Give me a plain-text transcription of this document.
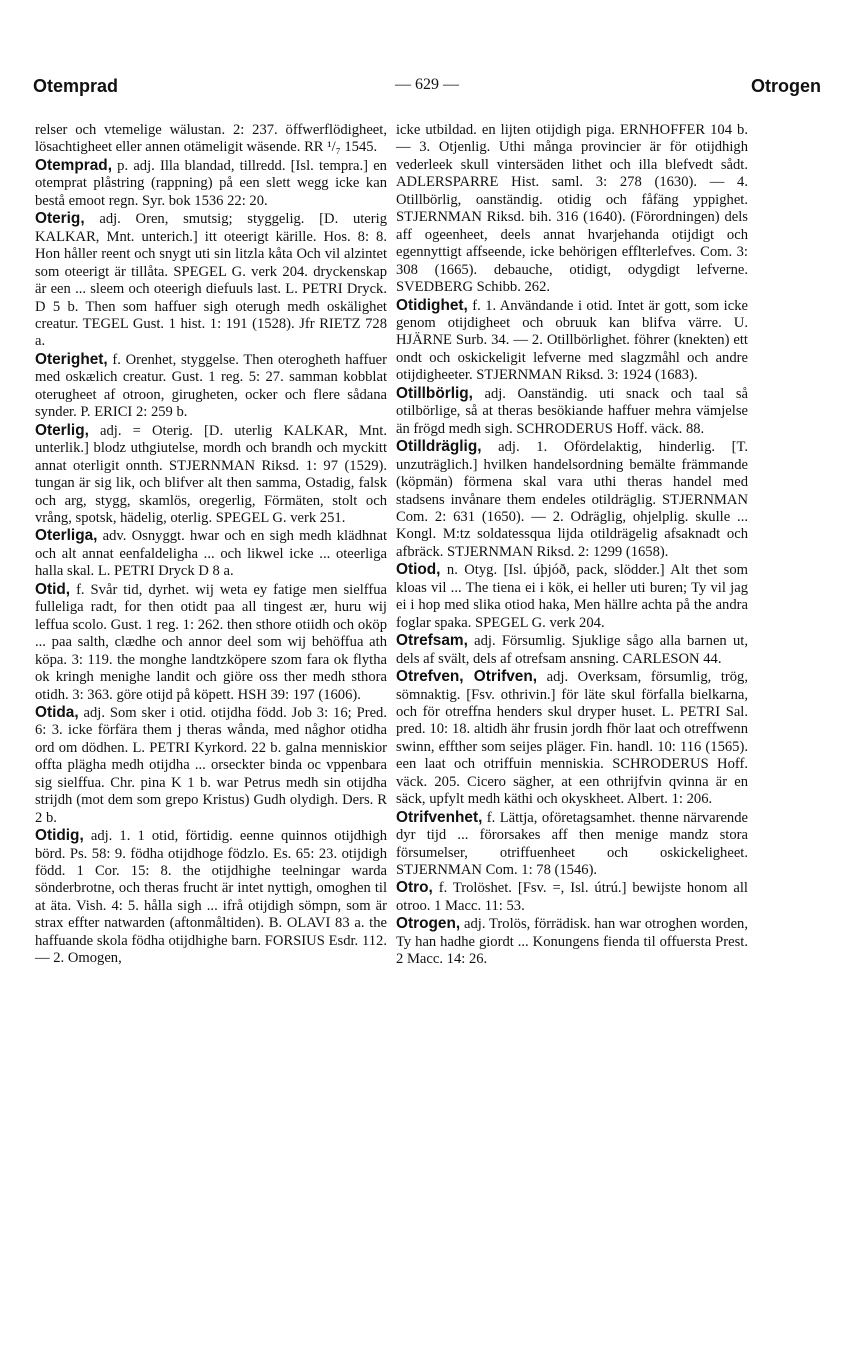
Otemprad	— 629 —	Otrogen

relser och vtemelige wälustan. 2: 237. öffwerflödigheet, lösachtigheet eller annen otämeligit wäsende. RR ¹/₇ 1545.

Otemprad, p. adj. Illa blandad, tillredd. [Isl. tempra.] en otemprat plåstring (rappning) på een slett wegg icke kan bestå emoot regn. Syr. bok 1536 22: 20.

Oterig, adj. Oren, smutsig; styggelig. [D. uterig KALKAR, Mnt. unterich.] itt oteerigt kärille. Hos. 8: 8. Hon håller reent och snygt uti sin litzla kåta Och vil alzintet som oteerigt är tillåta. SPEGEL G. verk 204. dryckenskap är een ... sleem och oteerigh diefuuls last. L. PETRI Dryck. D 5 b. Then som haffuer sigh oterugh medh oskälighet creatur. TEGEL Gust. 1 hist. 1: 191 (1528). Jfr RIETZ 728 a.

Oterighet, f. Orenhet, styggelse. Then oterogheth haffuer med oskælich creatur. Gust. 1 reg. 5: 27. samman kobblat oterugheet af otroon, girugheten, ocker och flere sådana synder. P. ERICI 2: 259 b.

Oterlig, adj. = Oterig. [D. uterlig KALKAR, Mnt. unterlik.] blodz uthgiutelse, mordh och brandh och myckitt annat oterligit onnth. STJERNMAN Riksd. 1: 97 (1529). tungan är sig lik, och blifver alt then samma, Ostadig, falsk och arg, stygg, skamlös, oregerlig, Förmäten, stolt och vrång, spotsk, hädelig, oterlig. SPEGEL G. verk 251.

Oterliga, adv. Osnyggt. hwar och en sigh medh klädhnat och alt annat eenfaldeligha ... och likwel icke ... oteerliga halla skal. L. PETRI Dryck D 8 a.

Otid, f. Svår tid, dyrhet. wij weta ey fatige men sielffua fulleliga radt, for then otidt paa all tingest ær, huru wij leffua scolo. Gust. 1 reg. 1: 262. then sthore otiidh och oköp ... paa salth, clædhe och annor deel som wij behöffua ath köpa. 3: 119. the monghe landtzköpere szom fara ok flytha ok kringh menighe landit och giöre oss ther medh sthora otidh. 3: 363. göre otijd på köpett. HSH 39: 197 (1606).

Otida, adj. Som sker i otid. otijdha född. Job 3: 16; Pred. 6: 3. icke förfära them j theras wånda, med någhor otidha ord om dödhen. L. PETRI Kyrkord. 22 b. galna menniskior offta plägha medh otijdha ... orseckter binda oc vppenbara sig sielffua. Chr. pina K 1 b. war Petrus medh sin otijdha strijdh (mot dem som grepo Kristus) Gudh olydigh. Ders. R 2 b.

Otidig, adj. 1. 1 otid, förtidig. eenne quinnos otijdhigh börd. Ps. 58: 9. födha otijdhoge födzlo. Es. 65: 23. otijdigh född. 1 Cor. 15: 8. the otijdhighe teelningar warda sönderbrotne, och theras frucht är intet nyttigh, omoghen til at äta. Vish. 4: 5. hålla sigh ... ifrå otijdigh sömpn, som är strax effter natwarden (aftonmåltiden). B. OLAVI 83 a. the haffuande skola födha otijdhighe barn. FORSIUS Esdr. 112. — 2. Omogen,

icke utbildad. en lijten otijdigh piga. ERNHOFFER 104 b. — 3. Otjenlig. Uthi många provincier är för otijdhigh vederleek skull vintersäden lithet och illa blefvedt sådt. ADLERSPARRE Hist. saml. 3: 278 (1630). — 4. Otillbörlig, oanständig. otidig och fåfäng yppighet. STJERNMAN Riksd. bih. 316 (1640). (Förordningen) dels aff ogeenheet, deels annat hvarjehanda otijdigt och egennyttigt affseende, icke behörigen efflterlefves. Com. 3: 308 (1665). debauche, otidigt, odygdigt lefverne. SVEDBERG Schibb. 262.

Otidighet, f. 1. Användande i otid. Intet är gott, som icke genom otijdigheet och obruuk kan blifva värre. U. HJÄRNE Surb. 34. — 2. Otillbörlighet. föhrer (knekten) ett ondt och oskickeligit lefverne med slagzmåhl och andre otijdigheeter. STJERNMAN Riksd. 3: 1924 (1683).

Otillbörlig, adj. Oanständig. uti snack och taal så otilbörlige, så at theras besökiande haffuer mehra vämjelse än frögd medh sigh. SCHRODERUS Hoff. väck. 88.

Otilldräglig, adj. 1. Ofördelaktig, hinderlig. [T. unzuträglich.] hvilken handelsordning bemälte främmande (köpmän) förmena skal vara uthi theras handel med stadsens invånare them endeles otildräglig. STJERNMAN Com. 2: 631 (1650). — 2. Odräglig, ohjelplig. skulle ... Kongl. M:tz soldatessqua lijda otildrägelig afsaknadt och afbräck. STJERNMAN Riksd. 2: 1299 (1658).

Otiod, n. Otyg. [Isl. úþjóð, pack, slödder.] Alt thet som kloas vil ... The tiena ei i kök, ei heller uti buren; Ty vil jag ei i hop med slika otiod haka, Men hällre achta på the andra foglar spaka. SPEGEL G. verk 204.

Otrefsam, adj. Försumlig. Sjuklige sågo alla barnen ut, dels af svält, dels af otrefsam ansning. CARLESON 44.

Otrefven, Otrifven, adj. Overksam, försumlig, trög, sömnaktig. [Fsv. othrivin.] för läte skul förfalla bielkarna, och för otreffna henders skul dryper huset. L. PETRI Sal. pred. 10: 18. altidh ähr frusin jordh fhör laat och otreffwenn swinn, effther som seijes pläger. Fin. handl. 10: 116 (1565). een laat och otriffuin menniskia. SCHRODERUS Hoff. väck. 205. Cicero sägher, at een othrijfvin qvinna är en säck, upfylt medh käthi och okyskheet. Albert. 1: 206.

Otrifvenhet, f. Lättja, oföretagsamhet. thenne närvarende dyr tijd ... förorsakes aff then menige mandz stora försumelser, otriffuenheet och oskickeligheet. STJERNMAN Com. 1: 78 (1546).

Otro, f. Trolöshet. [Fsv. =, Isl. útrú.] bewijste honom all otroo. 1 Macc. 11: 53.

Otrogen, adj. Trolös, förrädisk. han war otroghen worden, Ty han hadhe giordt ... Konungens fienda til offuersta Prest. 2 Macc. 14: 26.
